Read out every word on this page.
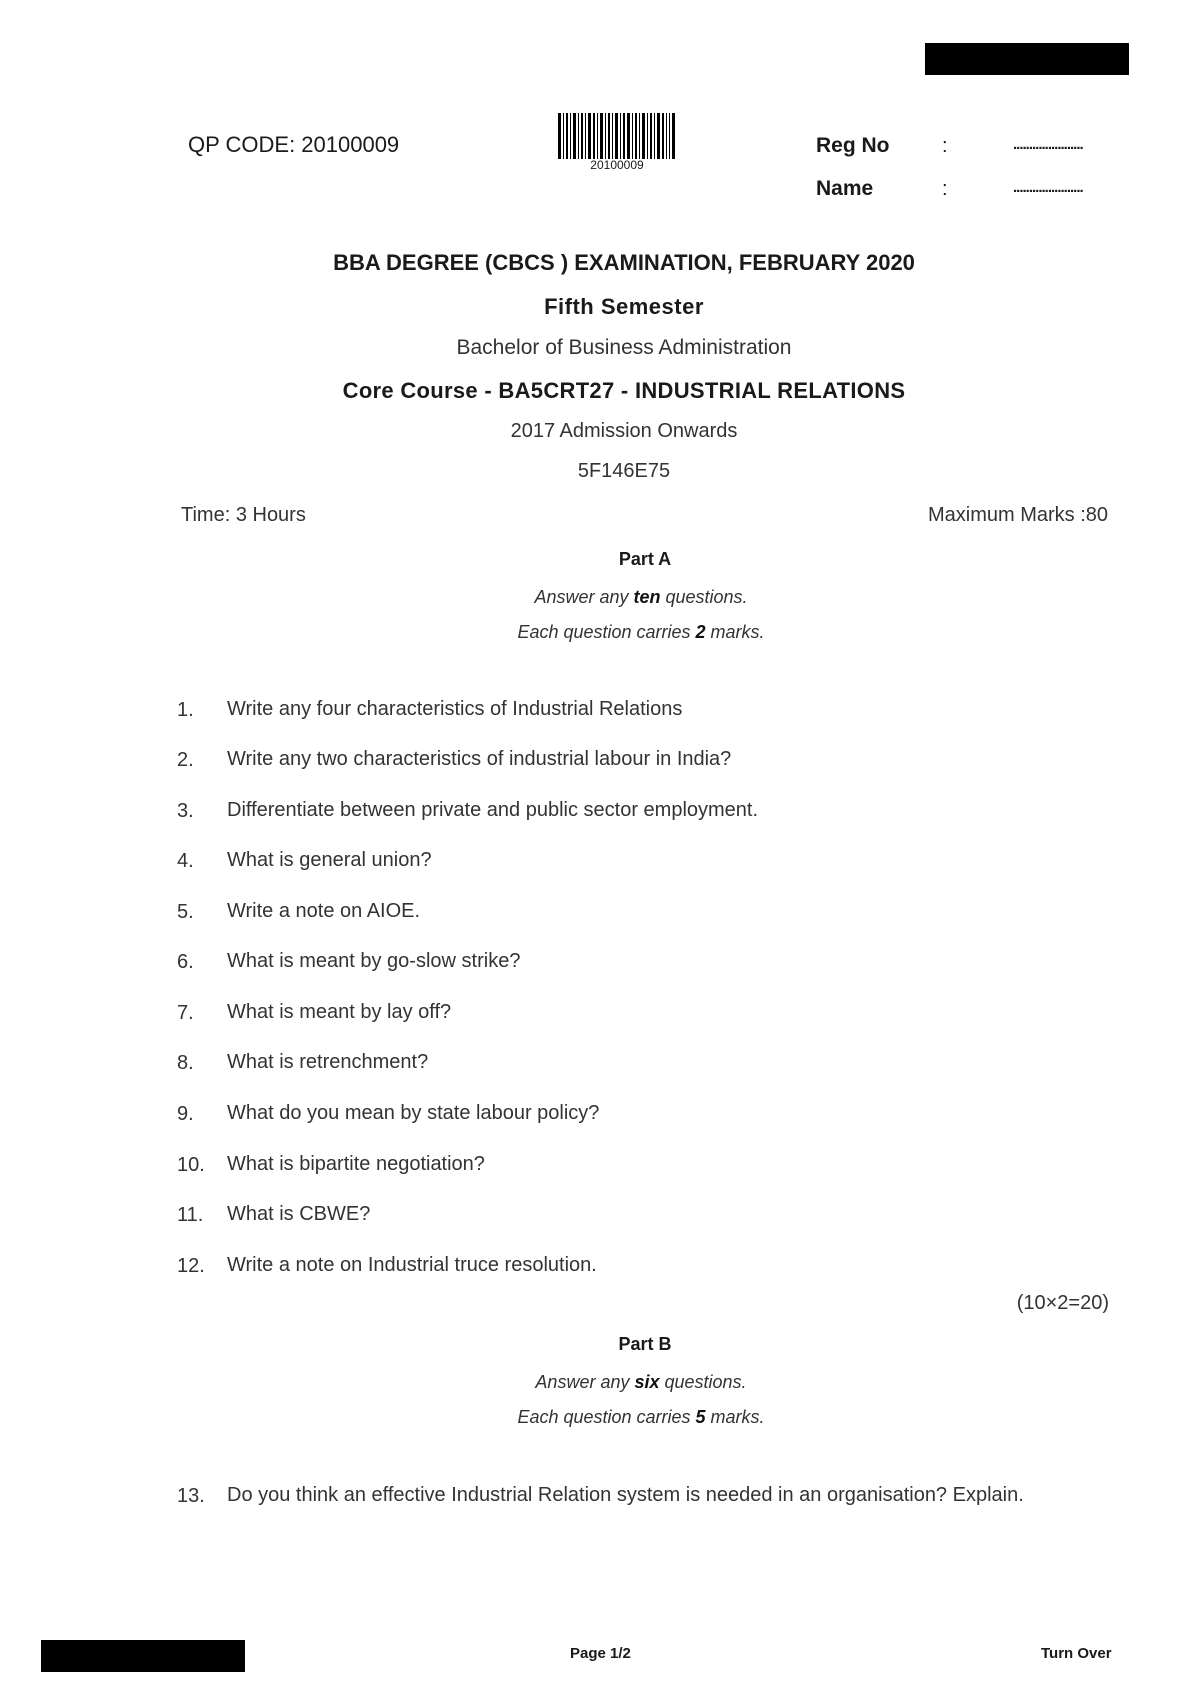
QP CODE: 20100009
20100009
Reg No	:	......................
Name	:	......................
BBA DEGREE (CBCS ) EXAMINATION, FEBRUARY 2020
Fifth Semester
Bachelor of Business Administration
Core Course - BA5CRT27 - INDUSTRIAL RELATIONS
2017 Admission Onwards
5F146E75
Time: 3 Hours	Maximum Marks :80
Part A
Answer any ten questions.
Each question carries 2 marks.
1. Write any four characteristics of Industrial Relations
2. Write any two characteristics of industrial labour in India?
3. Differentiate between private and public sector employment.
4. What is general union?
5. Write a note on AIOE.
6. What is meant by go-slow strike?
7. What is meant by lay off?
8. What is retrenchment?
9. What do you mean by state labour policy?
10. What is bipartite negotiation?
11. What is CBWE?
12. Write a note on Industrial truce resolution.
(10×2=20)
Part B
Answer any six questions.
Each question carries 5 marks.
13. Do you think an effective Industrial Relation system is needed in an organisation? Explain.
Page 1/2	Turn Over
